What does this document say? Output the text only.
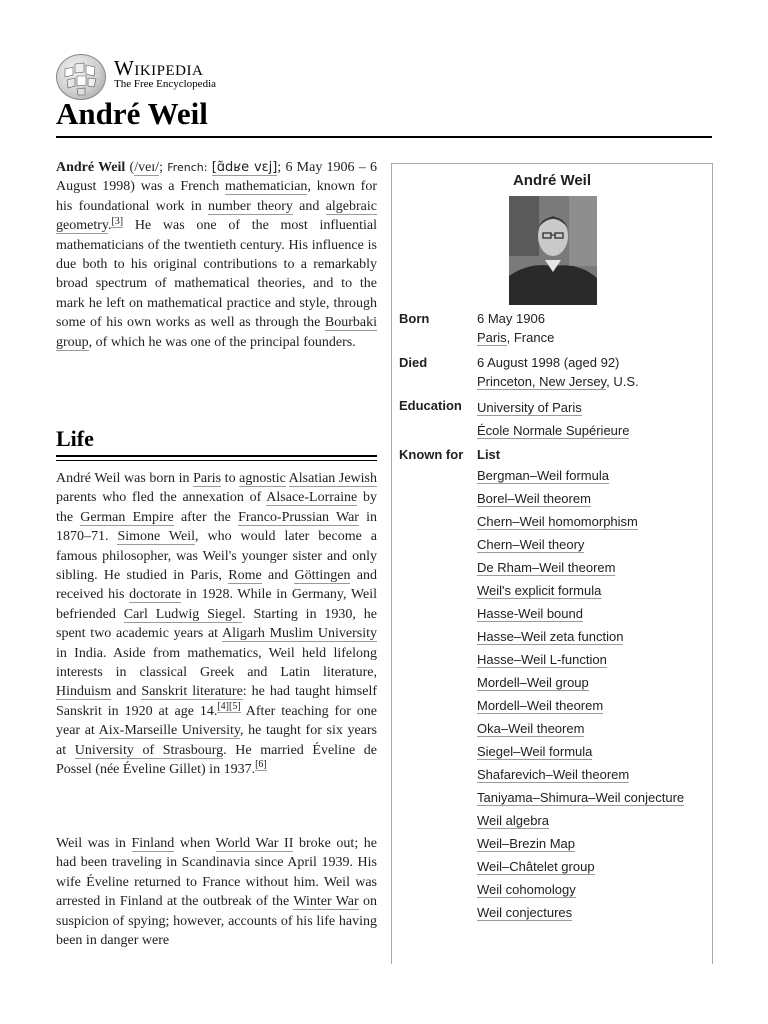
Wikipedia
The Free Encyclopedia
André Weil

André Weil (/veɪ/; French: [ɑ̃dʁe vɛj]; 6 May 1906 – 6 August 1998) was a French mathematician, known for his foundational work in number theory and algebraic geometry.[3] He was one of the most influential mathematicians of the twentieth century. His influence is due both to his original contributions to a remarkably broad spectrum of mathematical theories, and to the mark he left on mathematical practice and style, through some of his own works as well as through the Bourbaki group, of which he was one of the principal founders.

Life

André Weil was born in Paris to agnostic Alsatian Jewish parents who fled the annexation of Alsace-Lorraine by the German Empire after the Franco-Prussian War in 1870–71. Simone Weil, who would later become a famous philosopher, was Weil's younger sister and only sibling. He studied in Paris, Rome and Göttingen and received his doctorate in 1928. While in Germany, Weil befriended Carl Ludwig Siegel. Starting in 1930, he spent two academic years at Aligarh Muslim University in India. Aside from mathematics, Weil held lifelong interests in classical Greek and Latin literature, Hinduism and Sanskrit literature: he had taught himself Sanskrit in 1920 at age 14.[4][5] After teaching for one year at Aix-Marseille University, he taught for six years at University of Strasbourg. He married Éveline de Possel (née Éveline Gillet) in 1937.[6]

Weil was in Finland when World War II broke out; he had been traveling in Scandinavia since April 1939. His wife Éveline returned to France without him. Weil was arrested in Finland at the outbreak of the Winter War on suspicion of spying; however, accounts of his life having been in danger were

André Weil
Born	6 May 1906
Paris, France
Died	6 August 1998 (aged 92)
Princeton, New Jersey, U.S.
Education University of Paris
École Normale Supérieure
Known for List
Bergman–Weil formula
Borel–Weil theorem
Chern–Weil homomorphism
Chern–Weil theory
De Rham–Weil theorem
Weil's explicit formula
Hasse-Weil bound
Hasse–Weil zeta function
Hasse–Weil L-function
Mordell–Weil group
Mordell–Weil theorem
Oka–Weil theorem
Siegel–Weil formula
Shafarevich–Weil theorem
Taniyama–Shimura–Weil conjecture
Weil algebra
Weil–Brezin Map
Weil–Châtelet group
Weil cohomology
Weil conjectures
